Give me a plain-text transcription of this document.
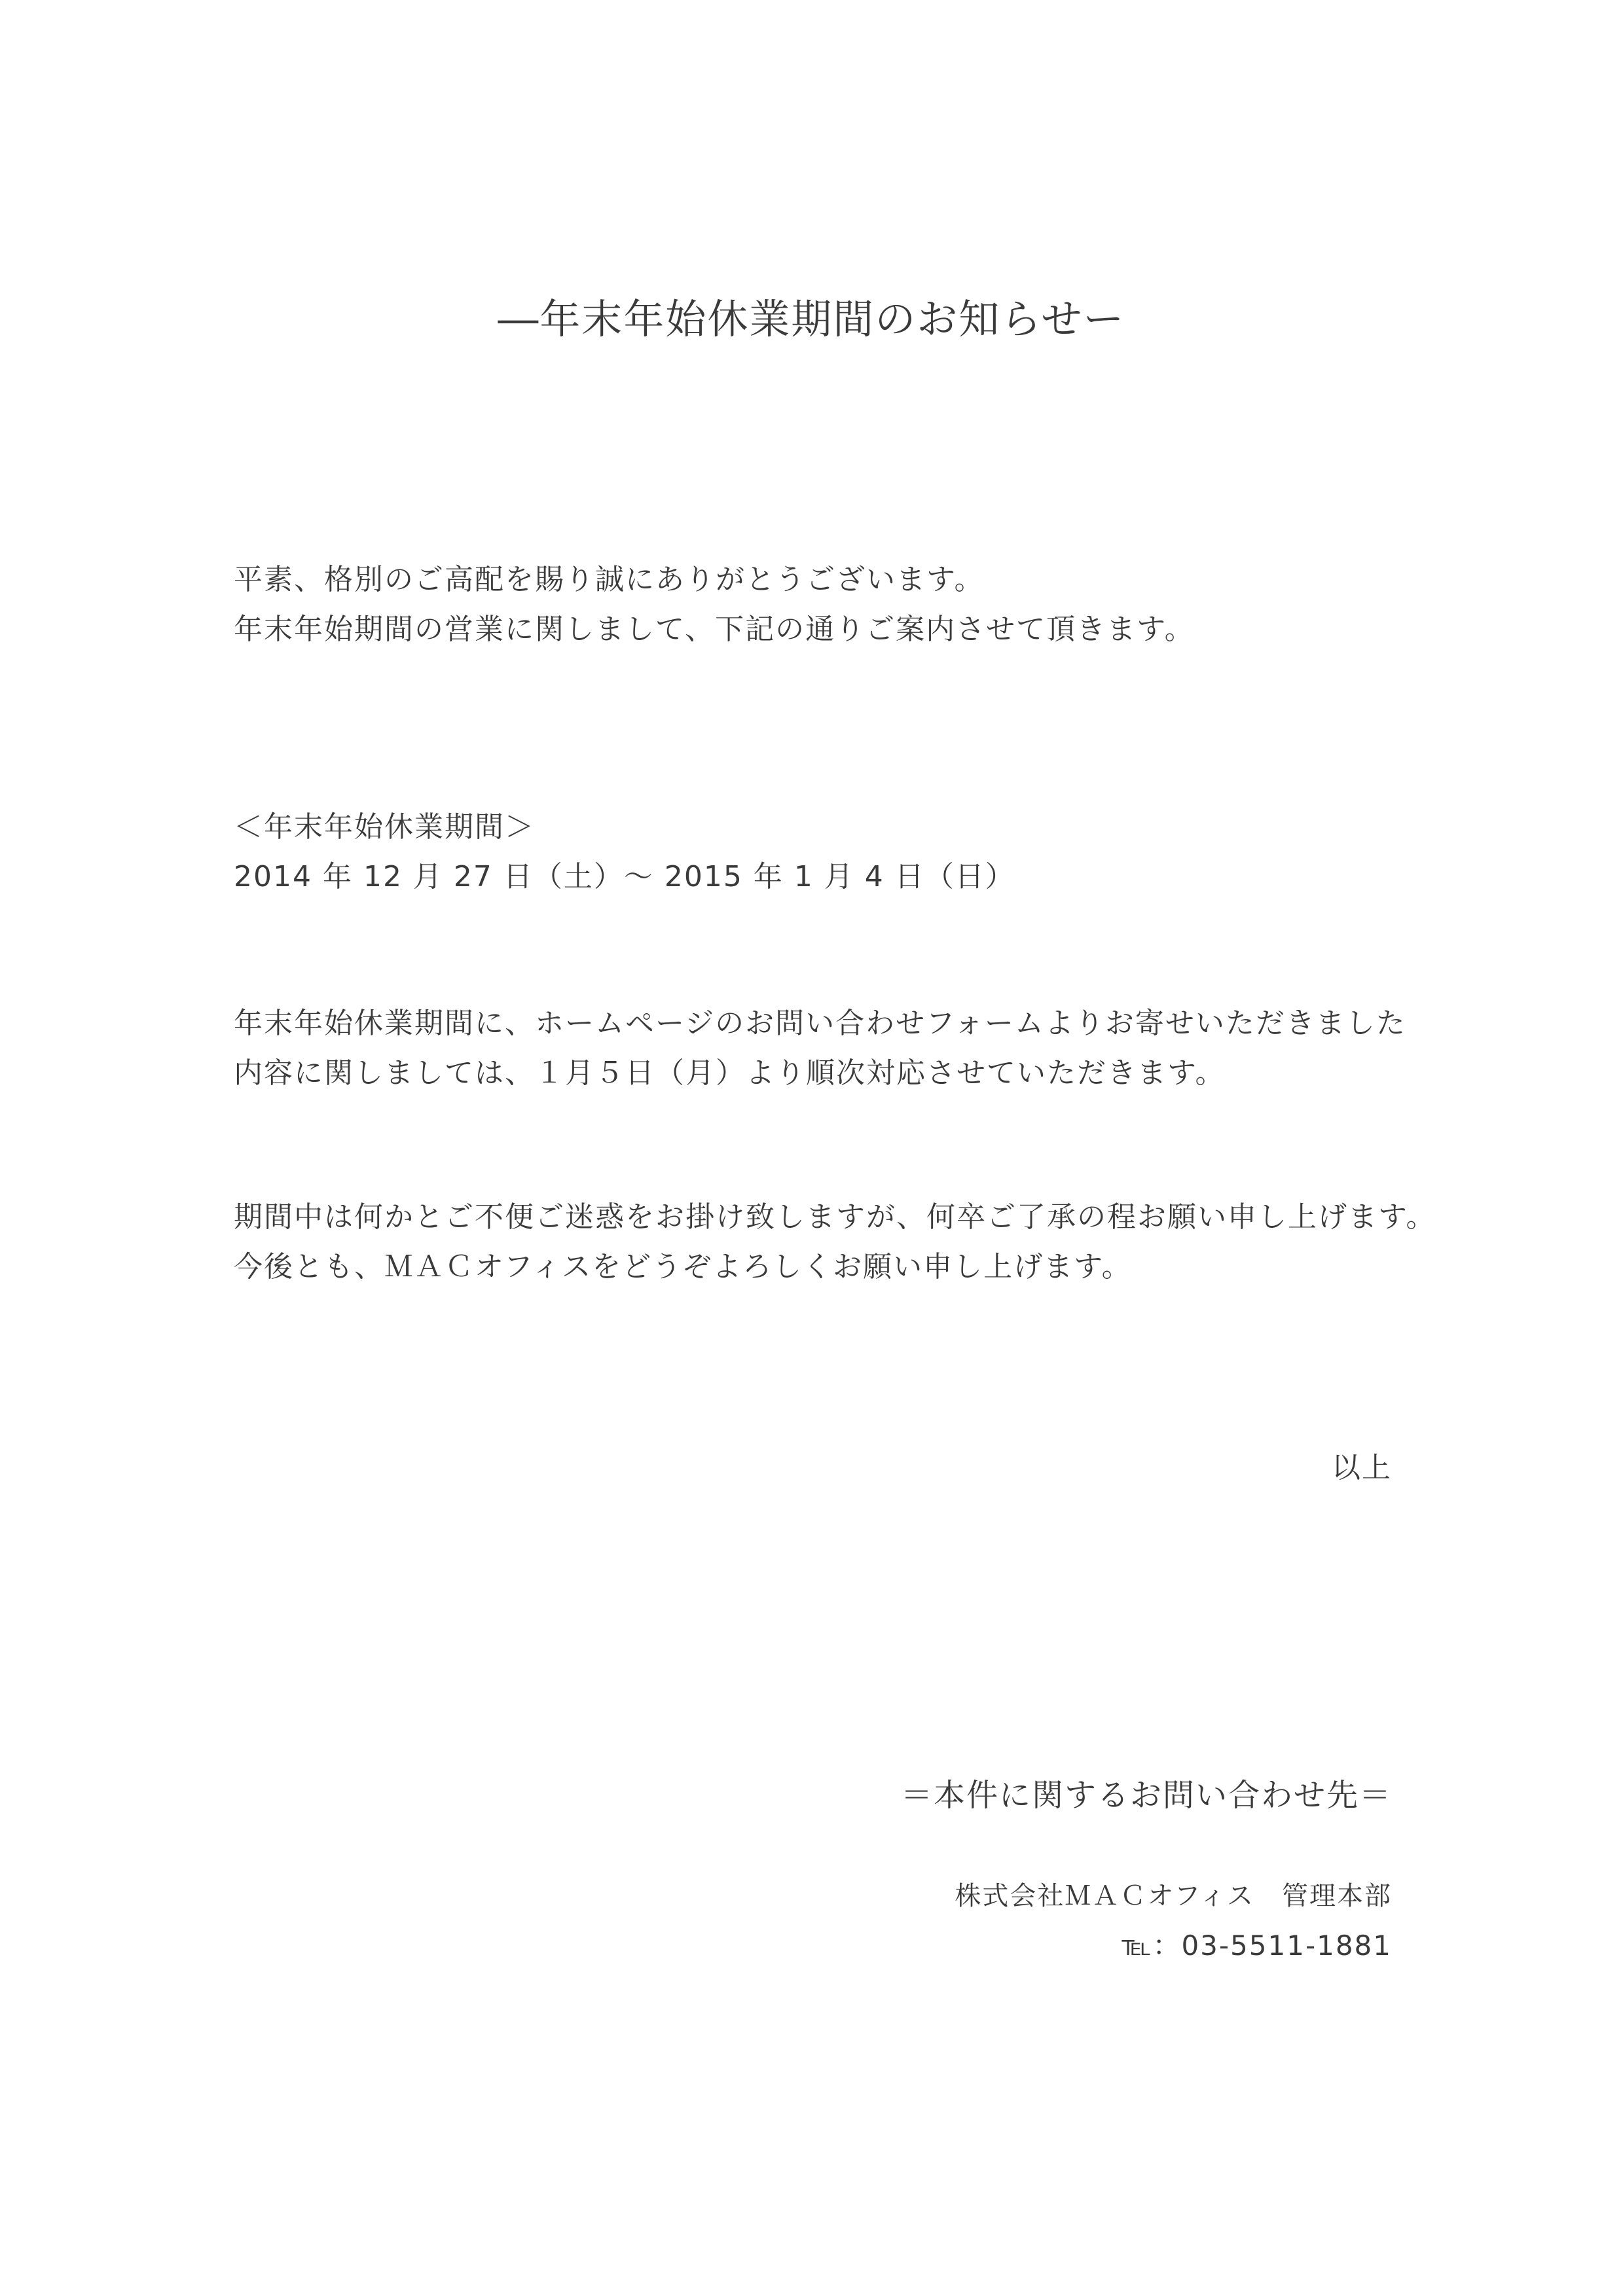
―年末年始休業期間のお知らせー
平素、格別のご高配を賜り誠にありがとうございます。
年末年始期間の営業に関しまして、下記の通りご案内させて頂きます。
＜年末年始休業期間＞
2014 年 12 月 27 日（土）〜 2015 年 1 月 4 日（日）
年末年始休業期間に、ホームページのお問い合わせフォームよりお寄せいただきました
内容に関しましては、１月５日（月）より順次対応させていただきます。
期間中は何かとご不便ご迷惑をお掛け致しますが、何卒ご了承の程お願い申し上げます。
今後とも、ＭＡＣオフィスをどうぞよろしくお願い申し上げます。
以上
＝本件に関するお問い合わせ先＝
株式会社ＭＡＣオフィス　管理本部
℡：03-5511-1881
